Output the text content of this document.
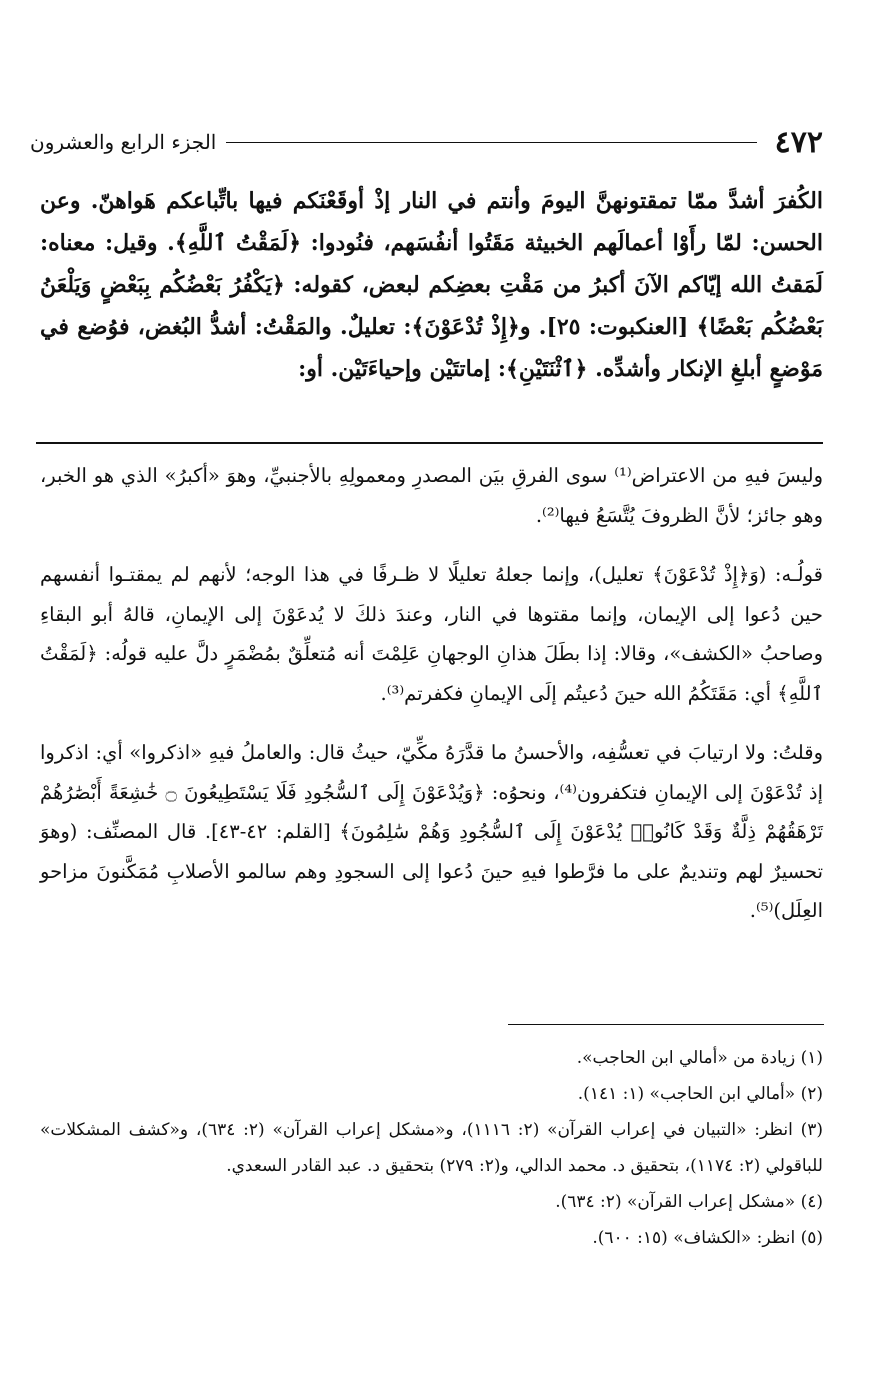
٤٧٢
الجزء الرابع والعشرون

الكُفرَ أشدَّ ممّا تمقتونهنَّ اليومَ وأنتم في النار إذْ أوقَعْنَكم فيها باتِّباعكم هَواهنّ. وعن الحسن: لمّا رأَوْا أعمالَهم الخبيثة مَقَتُوا أنفُسَهم، فنُودوا: ﴿لَمَقْتُ ٱللَّهِ﴾. وقيل: معناه: لَمَقتُ الله إيّاكم الآنَ أكبرُ من مَقْتِ بعضِكم لبعض، كقوله: ﴿يَكْفُرُ بَعْضُكُم بِبَعْضٍ وَيَلْعَنُ بَعْضُكُم بَعْضًا﴾ [العنكبوت: ٢٥]. و﴿إِذْ تُدْعَوْنَ﴾: تعليلٌ. والمَقْتُ: أشدُّ البُغض، فوُضع في مَوْضعٍ أبلغِ الإنكار وأشدِّه. ﴿ٱثْنَتَيْنِ﴾: إماتتَيْن وإحياءَتَيْن. أو:

وليسَ فيهِ من الاعتراض⁽¹⁾ سوى الفرقِ بيَن المصدرِ ومعمولِهِ بالأجنبيِّ، وهوَ «أكبرُ» الذي هو الخبر، وهو جائز؛ لأنَّ الظروفَ يُتَّسَعُ فيها⁽²⁾.

قولُـه: (وَ﴿إِذْ تُدْعَوْنَ﴾ تعليل)، وإنما جعلهُ تعليلًا لا ظـرفًا في هذا الوجه؛ لأنهم لم يمقتـوا أنفسهم حين دُعوا إلى الإيمان، وإنما مقتوها في النار، وعندَ ذلكَ لا يُدعَوْنَ إلى الإيمانِ، قالهُ أبو البقاءِ وصاحبُ «الكشف»، وقالا: إذا بطَلَ هذانِ الوجهانِ عَلِمْتَ أنه مُتعلِّقٌ بمُضْمَرٍ دلَّ عليه قولُه: ﴿لَمَقْتُ ٱللَّهِ﴾ أي: مَقَتَكُمُ الله حينَ دُعيتُم إلَى الإيمانِ فكفرتم⁽³⁾.

وقلتُ: ولا ارتيابَ في تعسُّفِه، والأحسنُ ما قدَّرَهُ مكِّيّ، حيثُ قال: والعاملُ فيهِ «اذكروا» أي: اذكروا إذ تُدْعَوْنَ إلى الإيمانِ فتكفرون⁽⁴⁾، ونحوُه: ﴿وَيُدْعَوْنَ إِلَى ٱلسُّجُودِ فَلَا يَسْتَطِيعُونَ ۝ خَٰشِعَةً أَبْصَٰرُهُمْ تَرْهَقُهُمْ ذِلَّةٌ وَقَدْ كَانُوا۟ يُدْعَوْنَ إِلَى ٱلسُّجُودِ وَهُمْ سَٰلِمُونَ﴾ [القلم: ٤٢-٤٣]. قال المصنِّف: (وهوَ تحسيرٌ لهم وتنديمٌ على ما فرَّطوا فيهِ حينَ دُعوا إلى السجودِ وهم سالمو الأصلابِ مُمَكَّنونَ مزاحو العِلَل)⁽⁵⁾.

(١) زيادة من «أمالي ابن الحاجب».

(٢) «أمالي ابن الحاجب» (١: ١٤١).

(٣) انظر: «التبيان في إعراب القرآن» (٢: ١١١٦)، و«مشكل إعراب القرآن» (٢: ٦٣٤)، و«كشف المشكلات» للباقولي (٢: ١١٧٤)، بتحقيق د. محمد الدالي، و(٢: ٢٧٩) بتحقيق د. عبد القادر السعدي.

(٤) «مشكل إعراب القرآن» (٢: ٦٣٤).

(٥) انظر: «الكشاف» (١٥: ٦٠٠).
